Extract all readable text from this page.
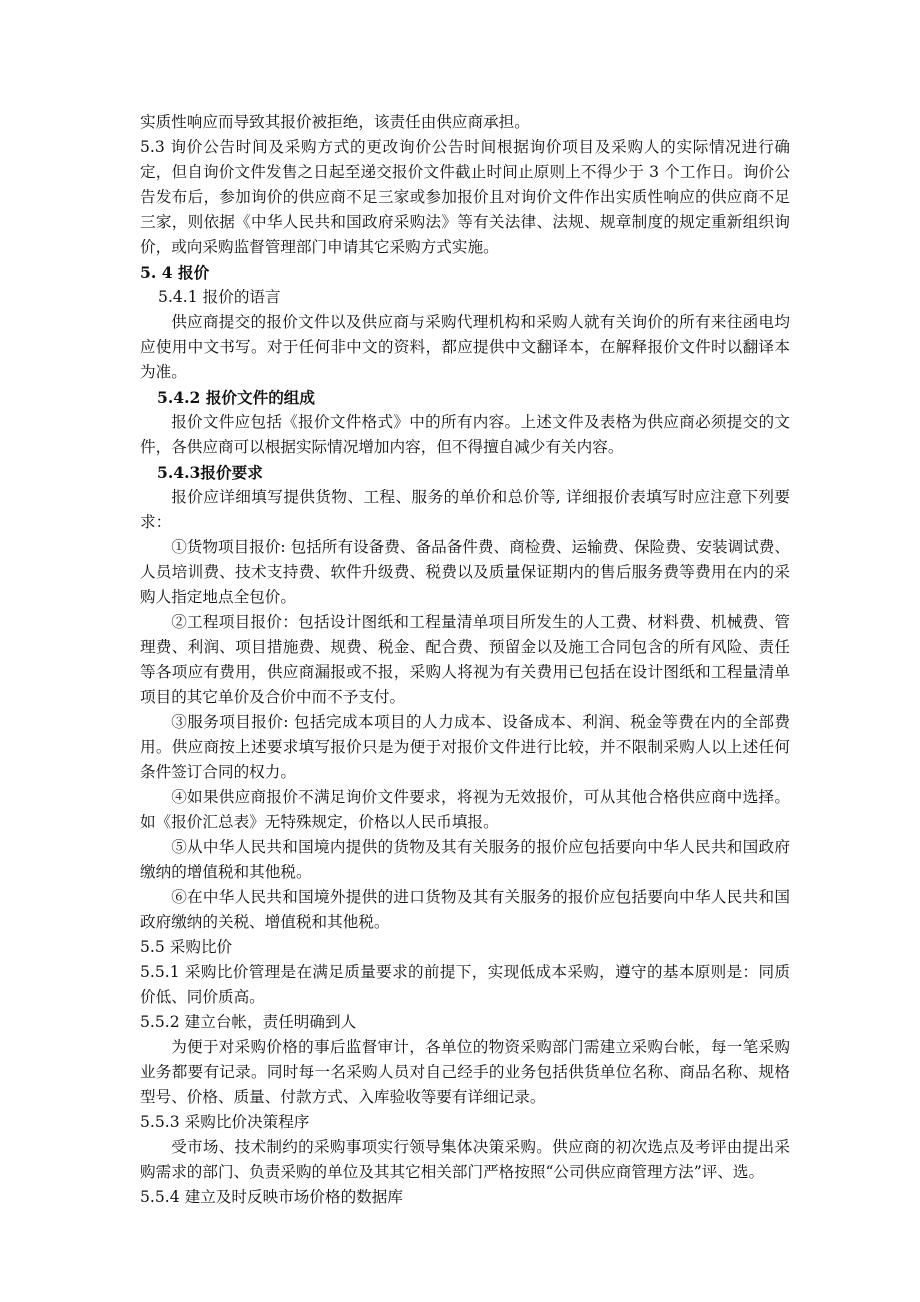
实质性响应而导致其报价被拒绝，该责任由供应商承担。

5.3 询价公告时间及采购方式的更改询价公告时间根据询价项目及采购人的实际情况进行确定，但自询价文件发售之日起至递交报价文件截止时间止原则上不得少于 3 个工作日。询价公告发布后，参加询价的供应商不足三家或参加报价且对询价文件作出实质性响应的供应商不足三家，则依据《中华人民共和国政府采购法》等有关法律、法规、规章制度的规定重新组织询价，或向采购监督管理部门申请其它采购方式实施。

5. 4 报价

5.4.1 报价的语言

供应商提交的报价文件以及供应商与采购代理机构和采购人就有关询价的所有来往函电均应使用中文书写。对于任何非中文的资料，都应提供中文翻译本，在解释报价文件时以翻译本为准。

5.4.2 报价文件的组成

报价文件应包括《报价文件格式》中的所有内容。上述文件及表格为供应商必须提交的文件，各供应商可以根据实际情况增加内容，但不得擅自减少有关内容。

5.4.3报价要求

报价应详细填写提供货物、工程、服务的单价和总价等, 详细报价表填写时应注意下列要求：

①货物项目报价: 包括所有设备费、备品备件费、商检费、运输费、保险费、安装调试费、人员培训费、技术支持费、软件升级费、税费以及质量保证期内的售后服务费等费用在内的采购人指定地点全包价。

②工程项目报价：包括设计图纸和工程量清单项目所发生的人工费、材料费、机械费、管理费、利润、项目措施费、规费、税金、配合费、预留金以及施工合同包含的所有风险、责任等各项应有费用，供应商漏报或不报，采购人将视为有关费用已包括在设计图纸和工程量清单项目的其它单价及合价中而不予支付。

③服务项目报价: 包括完成本项目的人力成本、设备成本、利润、税金等费在内的全部费用。供应商按上述要求填写报价只是为便于对报价文件进行比较，并不限制采购人以上述任何条件签订合同的权力。

④如果供应商报价不满足询价文件要求，将视为无效报价，可从其他合格供应商中选择。如《报价汇总表》无特殊规定，价格以人民币填报。

⑤从中华人民共和国境内提供的货物及其有关服务的报价应包括要向中华人民共和国政府缴纳的增值税和其他税。

⑥在中华人民共和国境外提供的进口货物及其有关服务的报价应包括要向中华人民共和国政府缴纳的关税、增值税和其他税。

5.5 采购比价

5.5.1 采购比价管理是在满足质量要求的前提下，实现低成本采购，遵守的基本原则是：同质价低、同价质高。

5.5.2 建立台帐，责任明确到人

为便于对采购价格的事后监督审计，各单位的物资采购部门需建立采购台帐，每一笔采购业务都要有记录。同时每一名采购人员对自己经手的业务包括供货单位名称、商品名称、规格型号、价格、质量、付款方式、入库验收等要有详细记录。

5.5.3 采购比价决策程序

受市场、技术制约的采购事项实行领导集体决策采购。供应商的初次选点及考评由提出采购需求的部门、负责采购的单位及其其它相关部门严格按照“公司供应商管理方法”评、选。

5.5.4 建立及时反映市场价格的数据库
